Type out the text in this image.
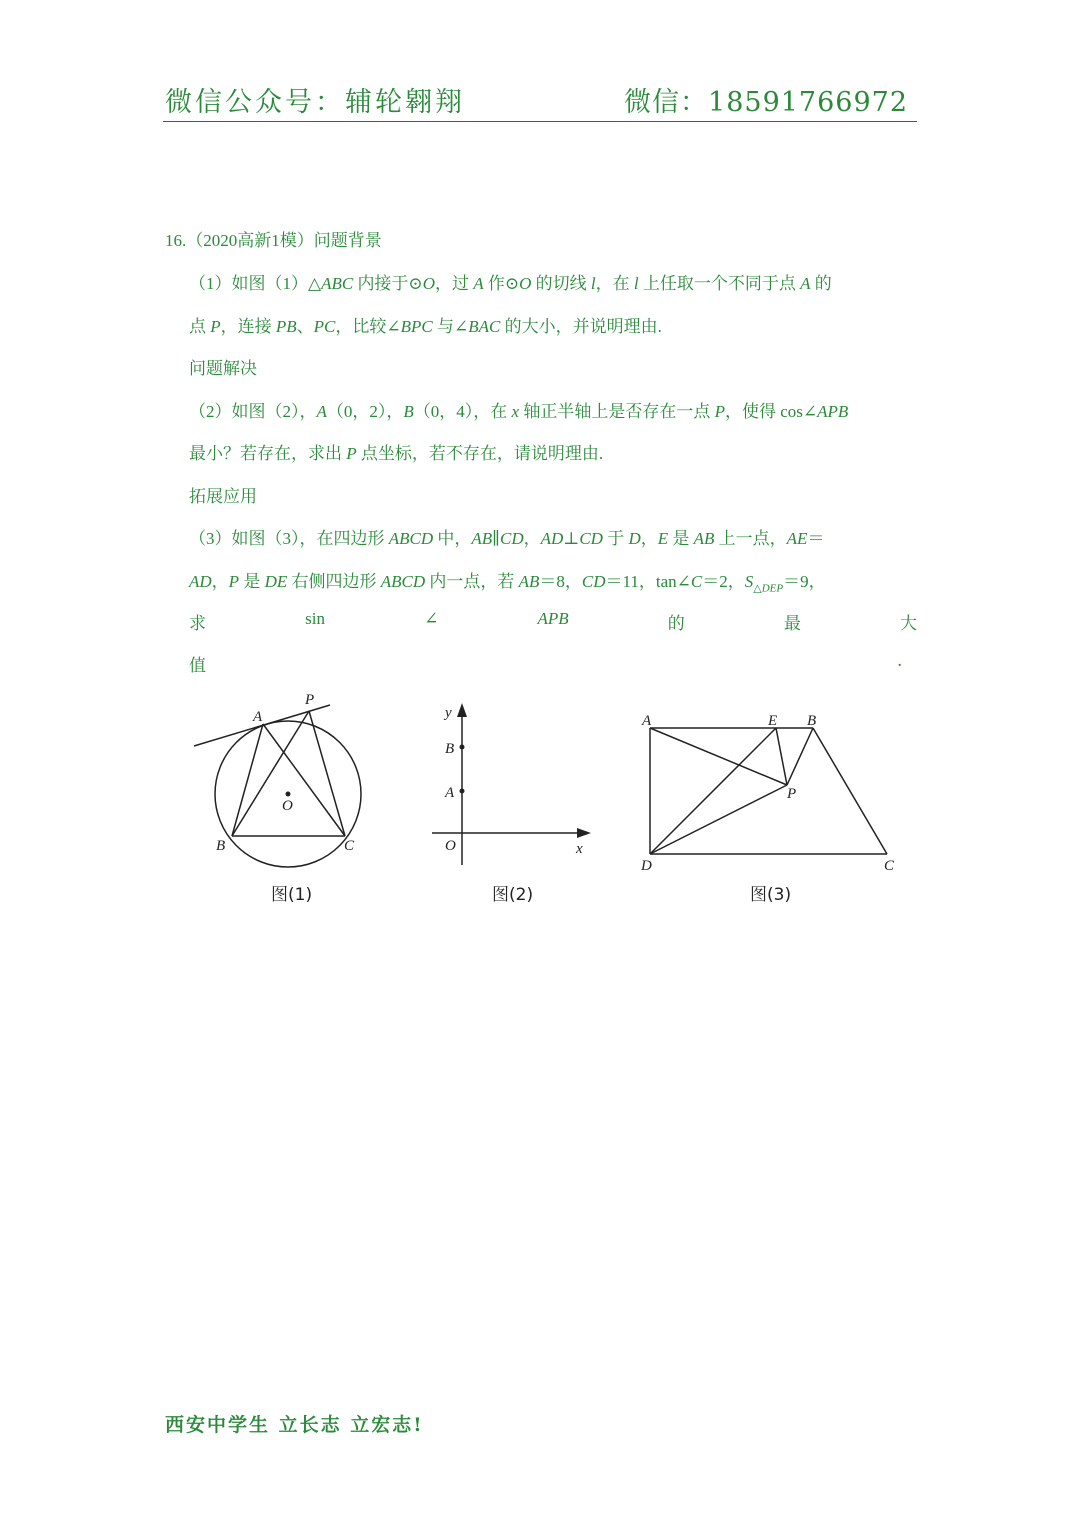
微信公众号：辅轮翱翔	微信：18591766972
16.（2020高新1模）问题背景
（1）如图（1）△ABC 内接于⊙O，过 A 作⊙O 的切线 l，在 l 上任取一个不同于点 A 的
点 P，连接 PB、PC，比较∠BPC 与∠BAC 的大小，并说明理由.
问题解决
（2）如图（2），A（0，2），B（0，4），在 x 轴正半轴上是否存在一点 P，使得 cos∠APB
最小？若存在，求出 P 点坐标，若不存在，请说明理由.
拓展应用
（3）如图（3），在四边形 ABCD 中，AB∥CD，AD⊥CD 于 D，E 是 AB 上一点，AE＝
AD，P 是 DE 右侧四边形 ABCD 内一点，若 AB＝8，CD＝11，tan∠C＝2，$S_{\triangle DEP}=9$，
求	sin	∠	APB	的	最	大
值	.
A
P
B	C
O
图(1)
y
B
A
O	x
图(2)
A	E B
P
D	C
图(3)
西安中学生 立长志 立宏志!
